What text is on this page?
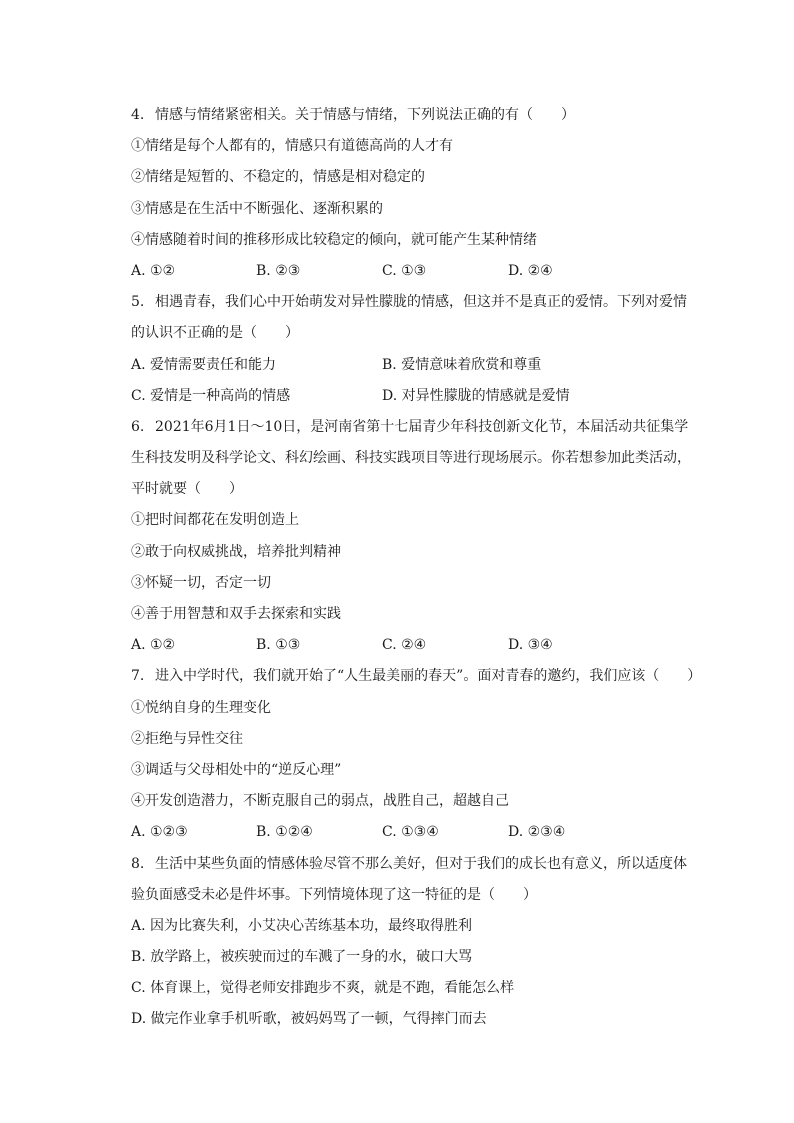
4. 情感与情绪紧密相关。关于情感与情绪，下列说法正确的有（　　）
①情绪是每个人都有的，情感只有道德高尚的人才有
②情绪是短暂的、不稳定的，情感是相对稳定的
③情感是在生活中不断强化、逐渐积累的
④情感随着时间的推移形成比较稳定的倾向，就可能产生某种情绪
A. ①②	B. ②③	C. ①③	D. ②④
5. 相遇青春，我们心中开始萌发对异性朦胧的情感，但这并不是真正的爱情。下列对爱情
的认识不正确的是（　　）
A. 爱情需要责任和能力	B. 爱情意味着欣赏和尊重
C. 爱情是一种高尚的情感	D. 对异性朦胧的情感就是爱情
6. 2021年6月1日～10日，是河南省第十七届青少年科技创新文化节，本届活动共征集学
生科技发明及科学论文、科幻绘画、科技实践项目等进行现场展示。你若想参加此类活动，
平时就要（　　）
①把时间都花在发明创造上
②敢于向权威挑战，培养批判精神
③怀疑一切，否定一切
④善于用智慧和双手去探索和实践
A. ①②	B. ①③	C. ②④	D. ③④
7. 进入中学时代，我们就开始了“人生最美丽的春天”。面对青春的邀约，我们应该（　　）
①悦纳自身的生理变化
②拒绝与异性交往
③调适与父母相处中的“逆反心理”
④开发创造潜力，不断克服自己的弱点，战胜自己，超越自己
A. ①②③	B. ①②④	C. ①③④	D. ②③④
8. 生活中某些负面的情感体验尽管不那么美好，但对于我们的成长也有意义，所以适度体
验负面感受未必是件坏事。下列情境体现了这一特征的是（　　）
A. 因为比赛失利，小艾决心苦练基本功，最终取得胜利
B. 放学路上，被疾驶而过的车溅了一身的水，破口大骂
C. 体育课上，觉得老师安排跑步不爽，就是不跑，看能怎么样
D. 做完作业拿手机听歌，被妈妈骂了一顿，气得摔门而去
